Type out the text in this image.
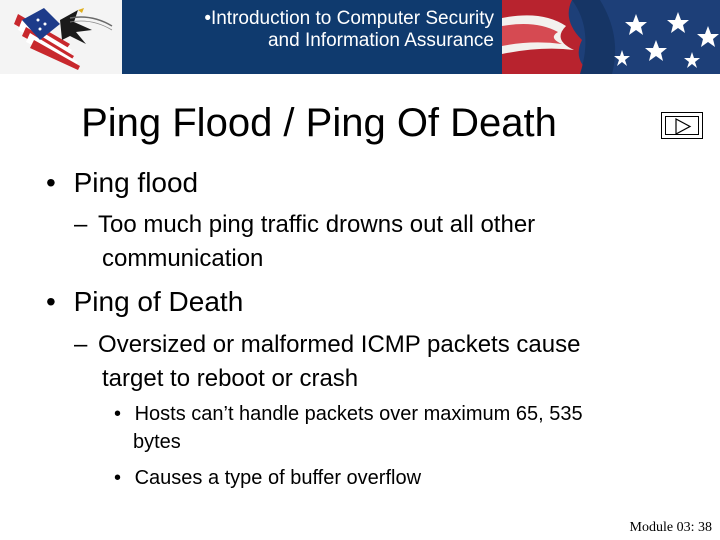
•Introduction to Computer Security
and Information Assurance
Ping Flood / Ping Of Death
• Ping flood
– Too much ping traffic drowns out all other
communication
• Ping of Death
– Oversized or malformed ICMP packets cause
target to reboot or crash
• Hosts can’t handle packets over maximum 65, 535
bytes
• Causes a type of buffer overflow
Module 03: 38
